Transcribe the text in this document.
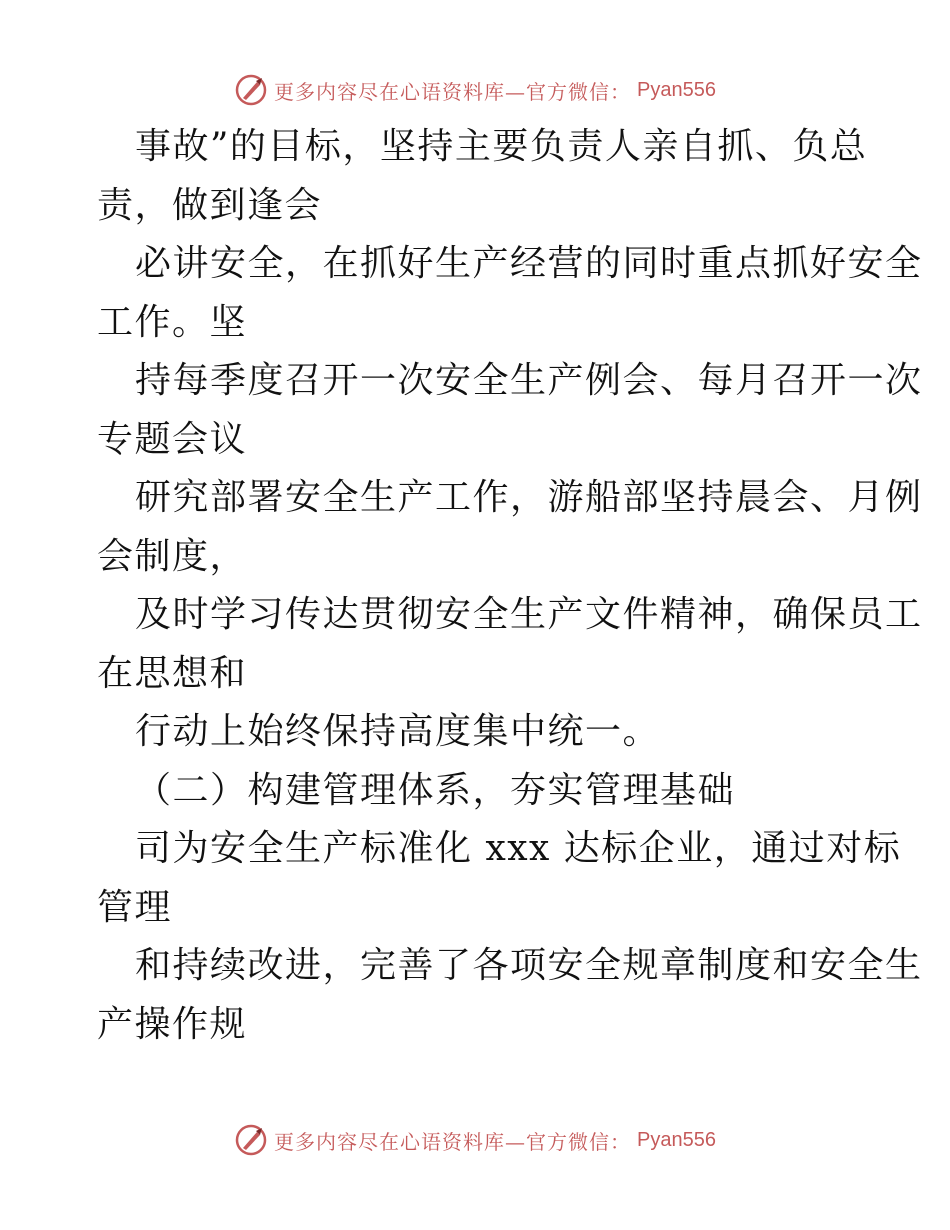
更多内容尽在心语资料库—官方微信： Pyan556
事故”的目标，坚持主要负责人亲自抓、负总
责，做到逢会
必讲安全，在抓好生产经营的同时重点抓好安全
工作。坚
持每季度召开一次安全生产例会、每月召开一次
专题会议
研究部署安全生产工作，游船部坚持晨会、月例
会制度，
及时学习传达贯彻安全生产文件精神，确保员工
在思想和
行动上始终保持高度集中统一。
（二）构建管理体系，夯实管理基础
司为安全生产标准化 xxx 达标企业，通过对标
管理
和持续改进，完善了各项安全规章制度和安全生
产操作规
更多内容尽在心语资料库—官方微信： Pyan556
